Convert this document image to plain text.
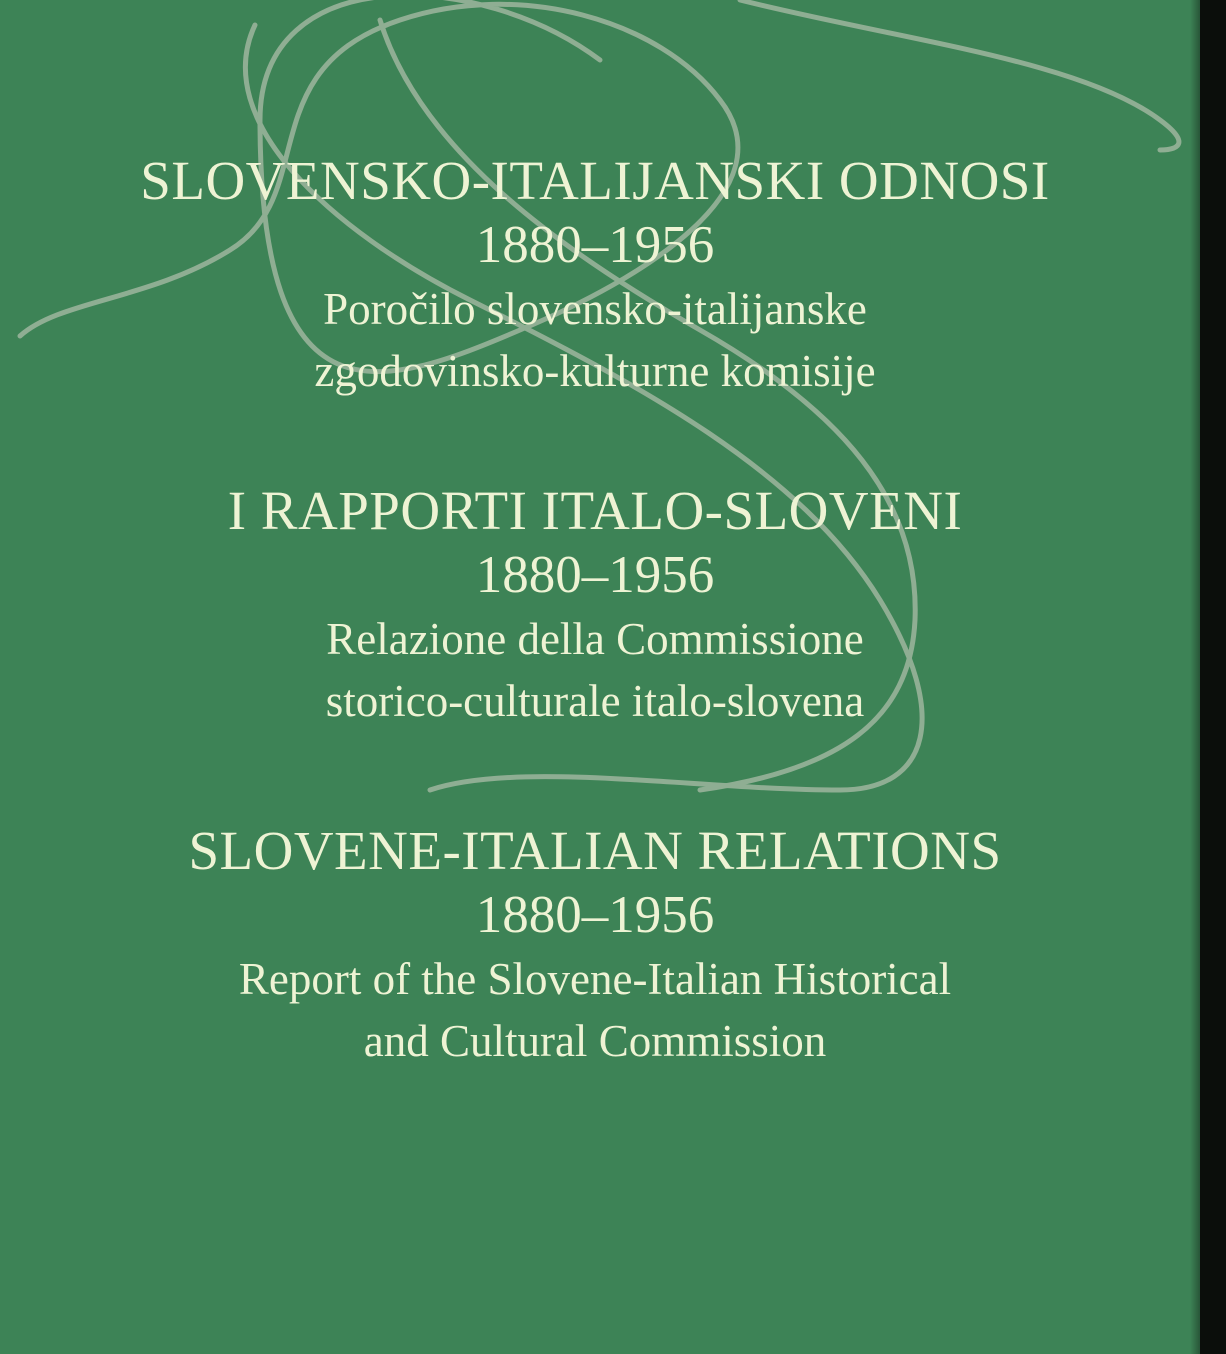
SLOVENSKO-ITALIJANSKI ODNOSI
1880–1956
Poročilo slovensko-italijanske
zgodovinsko-kulturne komisije
I RAPPORTI ITALO-SLOVENI
1880–1956
Relazione della Commissione
storico-culturale italo-slovena
SLOVENE-ITALIAN RELATIONS
1880–1956
Report of the Slovene-Italian Historical
and Cultural Commission
